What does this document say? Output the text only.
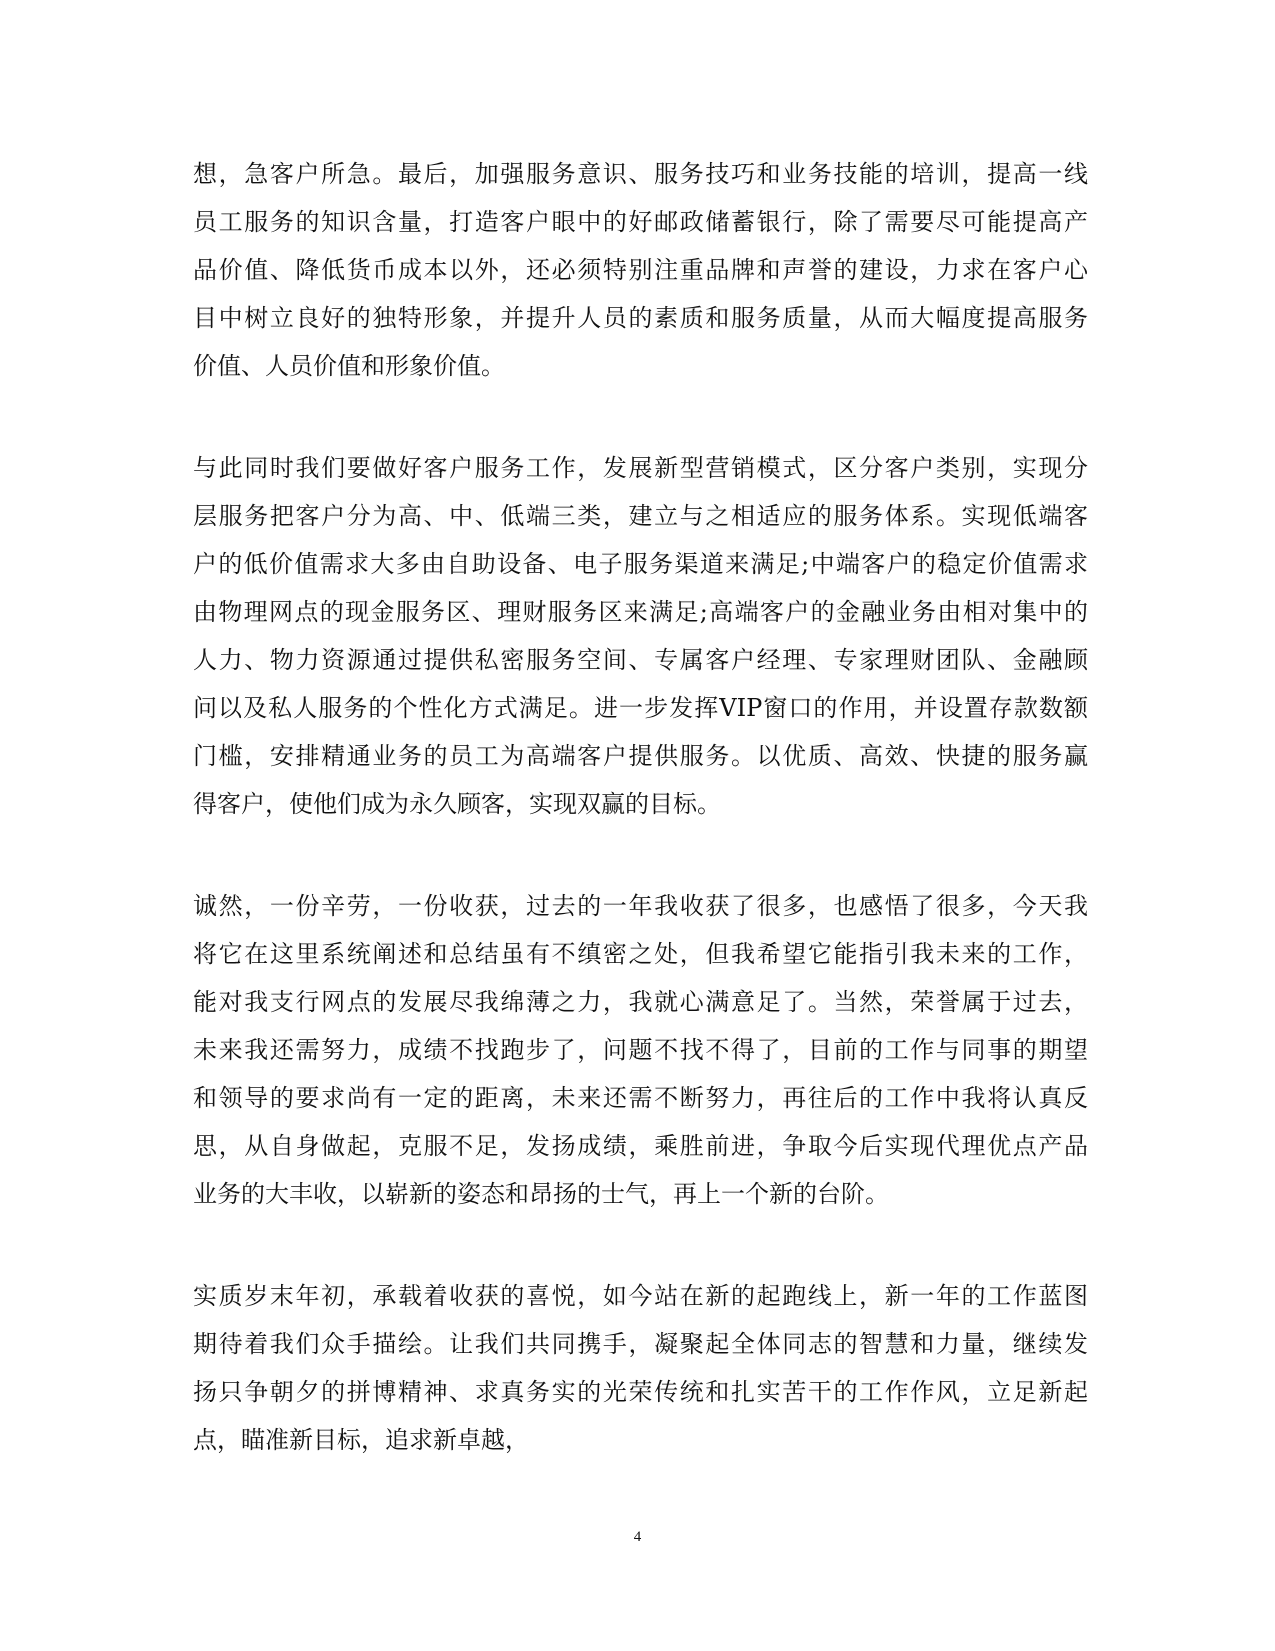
想，急客户所急。最后，加强服务意识、服务技巧和业务技能的培训，提高一线
员工服务的知识含量，打造客户眼中的好邮政储蓄银行，除了需要尽可能提高产
品价值、降低货币成本以外，还必须特别注重品牌和声誉的建设，力求在客户心
目中树立良好的独特形象，并提升人员的素质和服务质量，从而大幅度提高服务
价值、人员价值和形象价值。
与此同时我们要做好客户服务工作，发展新型营销模式，区分客户类别，实现分
层服务把客户分为高、中、低端三类，建立与之相适应的服务体系。实现低端客
户的低价值需求大多由自助设备、电子服务渠道来满足;中端客户的稳定价值需求
由物理网点的现金服务区、理财服务区来满足;高端客户的金融业务由相对集中的
人力、物力资源通过提供私密服务空间、专属客户经理、专家理财团队、金融顾
问以及私人服务的个性化方式满足。进一步发挥VIP窗口的作用，并设置存款数额
门槛，安排精通业务的员工为高端客户提供服务。以优质、高效、快捷的服务赢
得客户，使他们成为永久顾客，实现双赢的目标。
诚然，一份辛劳，一份收获，过去的一年我收获了很多，也感悟了很多，今天我
将它在这里系统阐述和总结虽有不缜密之处，但我希望它能指引我未来的工作，
能对我支行网点的发展尽我绵薄之力，我就心满意足了。当然，荣誉属于过去，
未来我还需努力，成绩不找跑步了，问题不找不得了，目前的工作与同事的期望
和领导的要求尚有一定的距离，未来还需不断努力，再往后的工作中我将认真反
思，从自身做起，克服不足，发扬成绩，乘胜前进，争取今后实现代理优点产品
业务的大丰收，以崭新的姿态和昂扬的士气，再上一个新的台阶。
实质岁末年初，承载着收获的喜悦，如今站在新的起跑线上，新一年的工作蓝图
期待着我们众手描绘。让我们共同携手，凝聚起全体同志的智慧和力量，继续发
扬只争朝夕的拼博精神、求真务实的光荣传统和扎实苦干的工作作风，立足新起
点，瞄准新目标，追求新卓越，
4
